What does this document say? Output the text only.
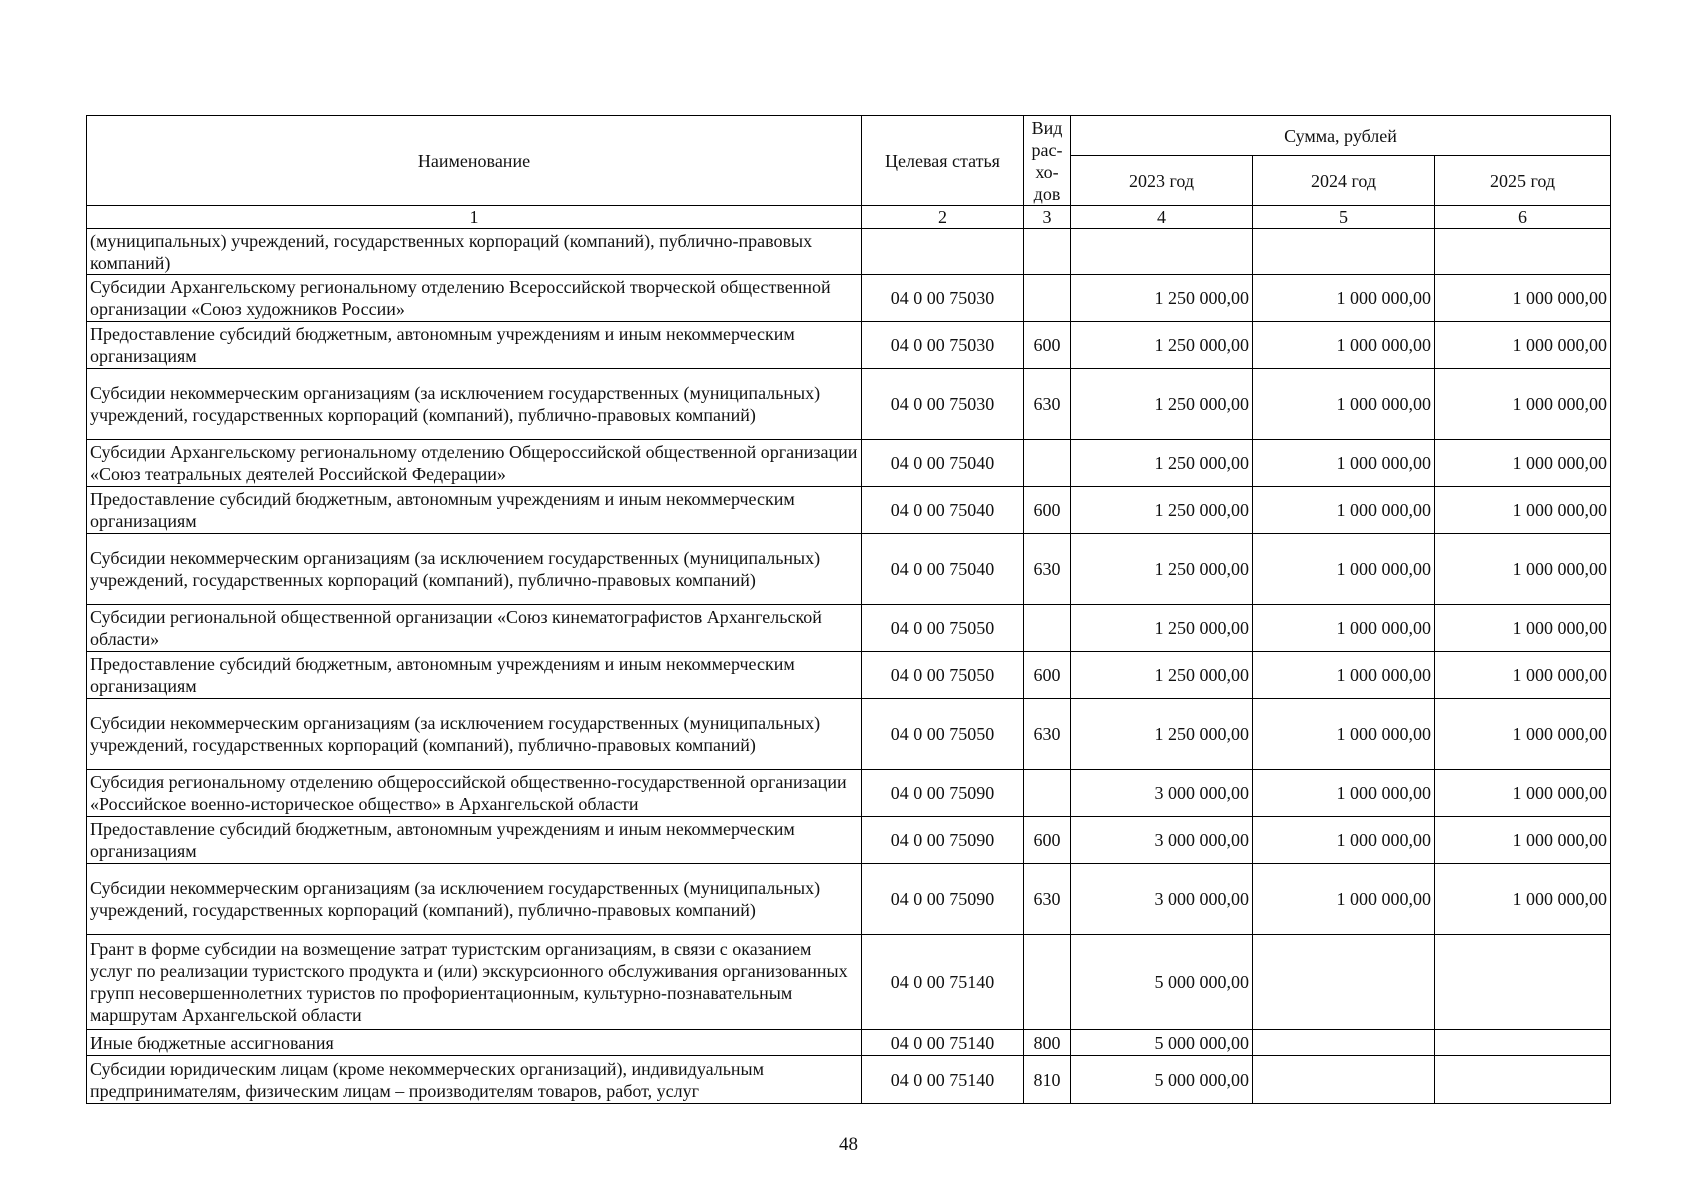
Наименование	Целевая статья	Вид
рас-
хо-
дов	Сумма, рублей		
			2023 год	2024 год	2025 год
1	2	3	4	5	6
(муниципальных) учреждений, государственных корпораций (компаний), публично-правовых компаний)					
Субсидии Архангельскому региональному отделению Всероссийской творческой общественной организации «Союз художников России»	04 0 00 75030		1 250 000,00	1 000 000,00	1 000 000,00
Предоставление субсидий бюджетным, автономным учреждениям и иным некоммерческим организациям	04 0 00 75030	600	1 250 000,00	1 000 000,00	1 000 000,00
Субсидии некоммерческим организациям (за исключением государственных (муниципальных) учреждений, государственных корпораций (компаний), публично-правовых компаний)	04 0 00 75030	630	1 250 000,00	1 000 000,00	1 000 000,00
Субсидии Архангельскому региональному отделению Общероссийской общественной организации «Союз театральных деятелей Российской Федерации»	04 0 00 75040		1 250 000,00	1 000 000,00	1 000 000,00
Предоставление субсидий бюджетным, автономным учреждениям и иным некоммерческим организациям	04 0 00 75040	600	1 250 000,00	1 000 000,00	1 000 000,00
Субсидии некоммерческим организациям (за исключением государственных (муниципальных) учреждений, государственных корпораций (компаний), публично-правовых компаний)	04 0 00 75040	630	1 250 000,00	1 000 000,00	1 000 000,00
Субсидии региональной общественной организации «Союз кинематографистов Архангельской области»	04 0 00 75050		1 250 000,00	1 000 000,00	1 000 000,00
Предоставление субсидий бюджетным, автономным учреждениям и иным некоммерческим организациям	04 0 00 75050	600	1 250 000,00	1 000 000,00	1 000 000,00
Субсидии некоммерческим организациям (за исключением государственных (муниципальных) учреждений, государственных корпораций (компаний), публично-правовых компаний)	04 0 00 75050	630	1 250 000,00	1 000 000,00	1 000 000,00
Субсидия региональному отделению общероссийской общественно-государственной организации «Российское военно-историческое общество» в Архангельской области	04 0 00 75090		3 000 000,00	1 000 000,00	1 000 000,00
Предоставление субсидий бюджетным, автономным учреждениям и иным некоммерческим организациям	04 0 00 75090	600	3 000 000,00	1 000 000,00	1 000 000,00
Субсидии некоммерческим организациям (за исключением государственных (муниципальных) учреждений, государственных корпораций (компаний), публично-правовых компаний)	04 0 00 75090	630	3 000 000,00	1 000 000,00	1 000 000,00
Грант в форме субсидии на возмещение затрат туристским организациям, в связи с оказанием услуг по реализации туристского продукта и (или) экскурсионного обслуживания организованных групп несовершеннолетних туристов по профориентационным, культурно-познавательным маршрутам Архангельской области	04 0 00 75140		5 000 000,00		
Иные бюджетные ассигнования	04 0 00 75140	800	5 000 000,00		
Субсидии юридическим лицам (кроме некоммерческих организаций), индивидуальным предпринимателям, физическим лицам – производителям товаров, работ, услуг	04 0 00 75140	810	5 000 000,00		
48
